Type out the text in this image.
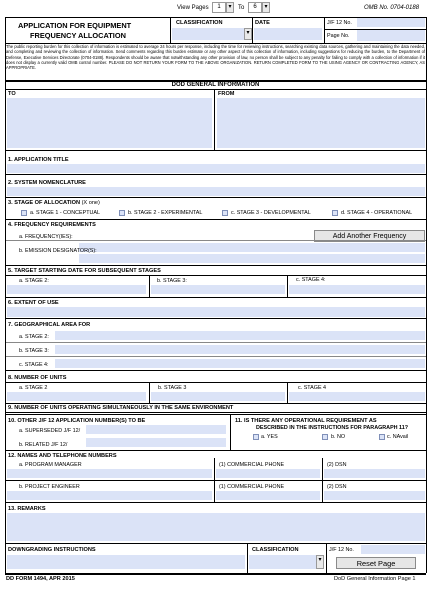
View Pages	1	▾	To	6	▾	OMB No. 0704-0188
APPLICATION FOR EQUIPMENT
FREQUENCY ALLOCATION
CLASSIFICATION
▾
DATE	J/F 12 No.
Page No.
The public reporting burden for this collection of information is estimated to average 24 hours per response, including the time for reviewing instructions, searching existing data sources, gathering and maintaining the data needed, and completing and reviewing the collection of information. Send comments regarding this burden estimate or any other aspect of this collection of information, including suggestions for reducing the burden, to the Department of Defense, Executive Services Directorate (0704-0188). Respondents should be aware that notwithstanding any other provision of law, no person shall be subject to any penalty for failing to comply with a collection of information if it does not display a currently valid OMB control number. PLEASE DO NOT RETURN YOUR FORM TO THE ABOVE ORGANIZATION. RETURN COMPLETED FORM TO THE USING AGENCY OR CONTRACTING AGENCY, AS APPROPRIATE.
DOD GENERAL INFORMATION
TO	FROM
1. APPLICATION TITLE
2. SYSTEM NOMENCLATURE
3. STAGE OF ALLOCATION (X one)
a. STAGE 1 - CONCEPTUAL	b. STAGE 2 - EXPERIMENTAL	c. STAGE 3 - DEVELOPMENTAL	d. STAGE 4 - OPERATIONAL
4. FREQUENCY REQUIREMENTS
Add Another Frequency
a. FREQUENCY(IES):
b. EMISSION DESIGNATOR(S):
5. TARGET STARTING DATE FOR SUBSEQUENT STAGES
a. STAGE 2:	b. STAGE 3:	c. STAGE 4:
6. EXTENT OF USE
7. GEOGRAPHICAL AREA FOR
a. STAGE 2:
b. STAGE 3:
c. STAGE 4:
8. NUMBER OF UNITS
a. STAGE 2	b. STAGE 3	c. STAGE 4
9. NUMBER OF UNITS OPERATING SIMULTANEOUSLY IN THE SAME ENVIRONMENT
10. OTHER J/F 12 APPLICATION NUMBER(S) TO BE
a. SUPERSEDED J/F 12/
b. RELATED J/F 12/
11. IS THERE ANY OPERATIONAL REQUIREMENT AS
DESCRIBED IN THE INSTRUCTIONS FOR PARAGRAPH 11?
a. YES	b. NO	c. NAvail
12. NAMES AND TELEPHONE NUMBERS
a. PROGRAM MANAGER	(1) COMMERCIAL PHONE	(2) DSN
b. PROJECT ENGINEER	(1) COMMERCIAL PHONE	(2) DSN
13. REMARKS
DOWNGRADING INSTRUCTIONS	CLASSIFICATION
▾
J/F 12 No.
Reset Page
DD FORM 1494, APR 2015	DoD General Information Page 1
